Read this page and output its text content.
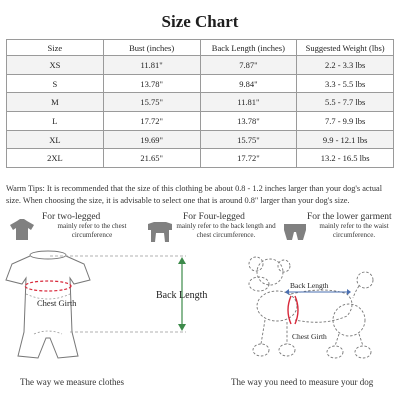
Size Chart
Size	Bust (inches)	Back Length (inches)	Suggested Weight (lbs)
XS	11.81"	7.87"	2.2 - 3.3 lbs
S	13.78"	9.84"	3.3 - 5.5 lbs
M	15.75"	11.81"	5.5 - 7.7 lbs
L	17.72"	13.78"	7.7 - 9.9 lbs
XL	19.69"	15.75"	9.9 - 12.1 lbs
2XL	21.65"	17.72"	13.2 - 16.5 lbs
Warm Tips: It is recommended that the size of this clothing be about 0.8 - 1.2 inches larger than your dog's actual size. When choosing the size, it is advisable to select one that is around 0.8" larger than your dog's size.
For two-legged
mainly refer to the chest circumference
For Four-legged
mainly refer to the back length and chest circumference.
For the lower garment
mainly refer to the waist circumference.
Back Length
Chest Girth
The way we measure clothes
Back Length
Chest Girth
The way you need to measure your dog
